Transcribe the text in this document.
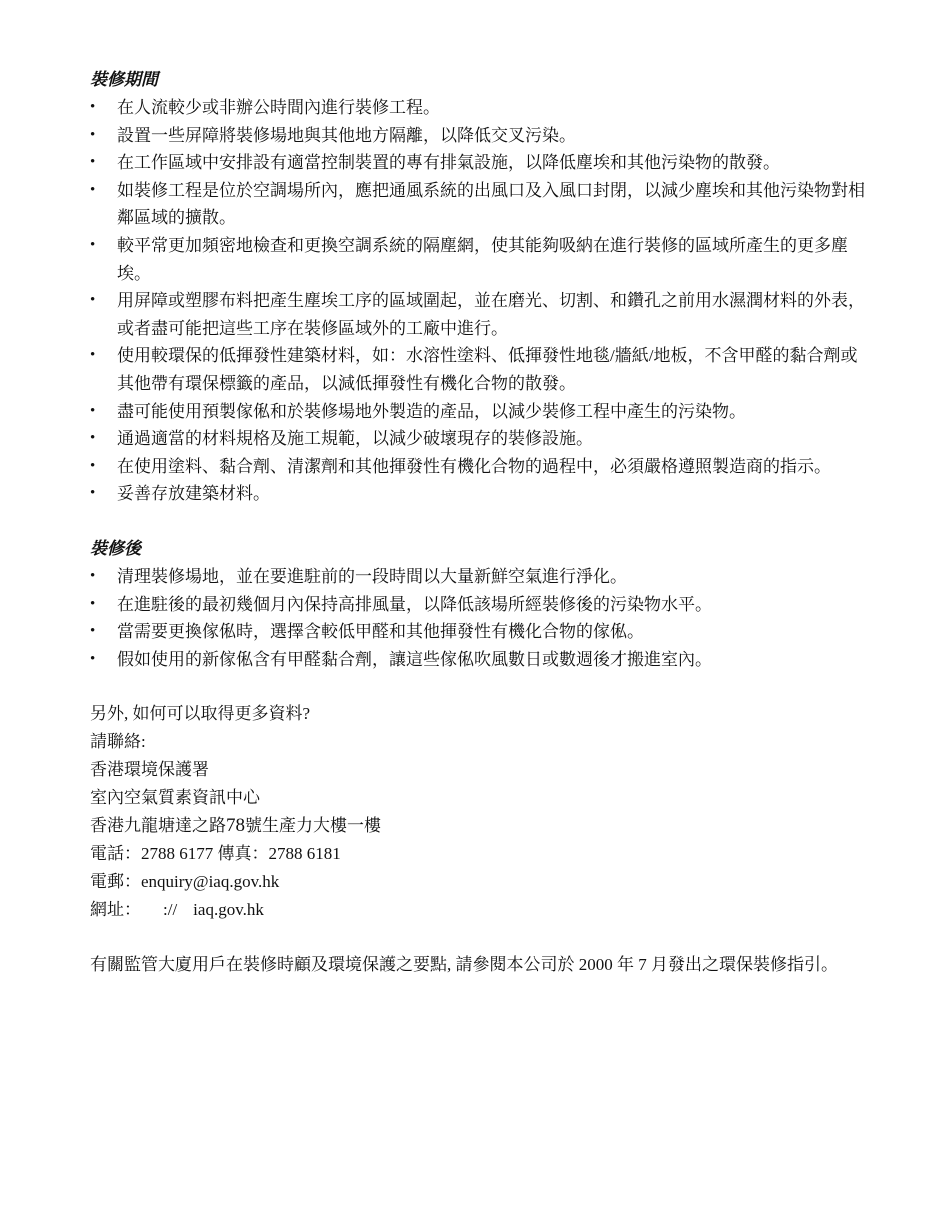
裝修期間
• 在人流較少或非辦公時間內進行裝修工程。
• 設置一些屏障將裝修場地與其他地方隔離，以降低交叉污染。
• 在工作區域中安排設有適當控制裝置的專有排氣設施，以降低塵埃和其他污染物的散發。
• 如裝修工程是位於空調場所內，應把通風系統的出風口及入風口封閉，以減少塵埃和其他污染物對相鄰區域的擴散。
• 較平常更加頻密地檢查和更換空調系統的隔塵網，使其能夠吸納在進行裝修的區域所產生的更多塵埃。
• 用屏障或塑膠布料把產生塵埃工序的區域圍起，並在磨光、切割、和鑽孔之前用水濕潤材料的外表，或者盡可能把這些工序在裝修區域外的工廠中進行。
• 使用較環保的低揮發性建築材料，如：水溶性塗料、低揮發性地毯/牆紙/地板，不含甲醛的黏合劑或其他帶有環保標籤的產品，以減低揮發性有機化合物的散發。
• 盡可能使用預製傢俬和於裝修場地外製造的產品，以減少裝修工程中產生的污染物。
• 通過適當的材料規格及施工規範，以減少破壞現存的裝修設施。
• 在使用塗料、黏合劑、清潔劑和其他揮發性有機化合物的過程中，必須嚴格遵照製造商的指示。
• 妥善存放建築材料。
裝修後
• 清理裝修場地，並在要進駐前的一段時間以大量新鮮空氣進行淨化。
• 在進駐後的最初幾個月內保持高排風量，以降低該場所經裝修後的污染物水平。
• 當需要更換傢俬時，選擇含較低甲醛和其他揮發性有機化合物的傢俬。
• 假如使用的新傢俬含有甲醛黏合劑，讓這些傢俬吹風數日或數週後才搬進室內。
另外, 如何可以取得更多資料?
請聯絡:
香港環境保護署
室內空氣質素資訊中心
香港九龍塘達之路78號生產力大樓一樓
電話：2788 6177 傳真：2788 6181
電郵：enquiry@iaq.gov.hk
網址： :// iaq.gov.hk
有關監管大廈用戶在裝修時顧及環境保護之要點, 請參閱本公司於 2000 年 7 月發出之環保裝修指引。
